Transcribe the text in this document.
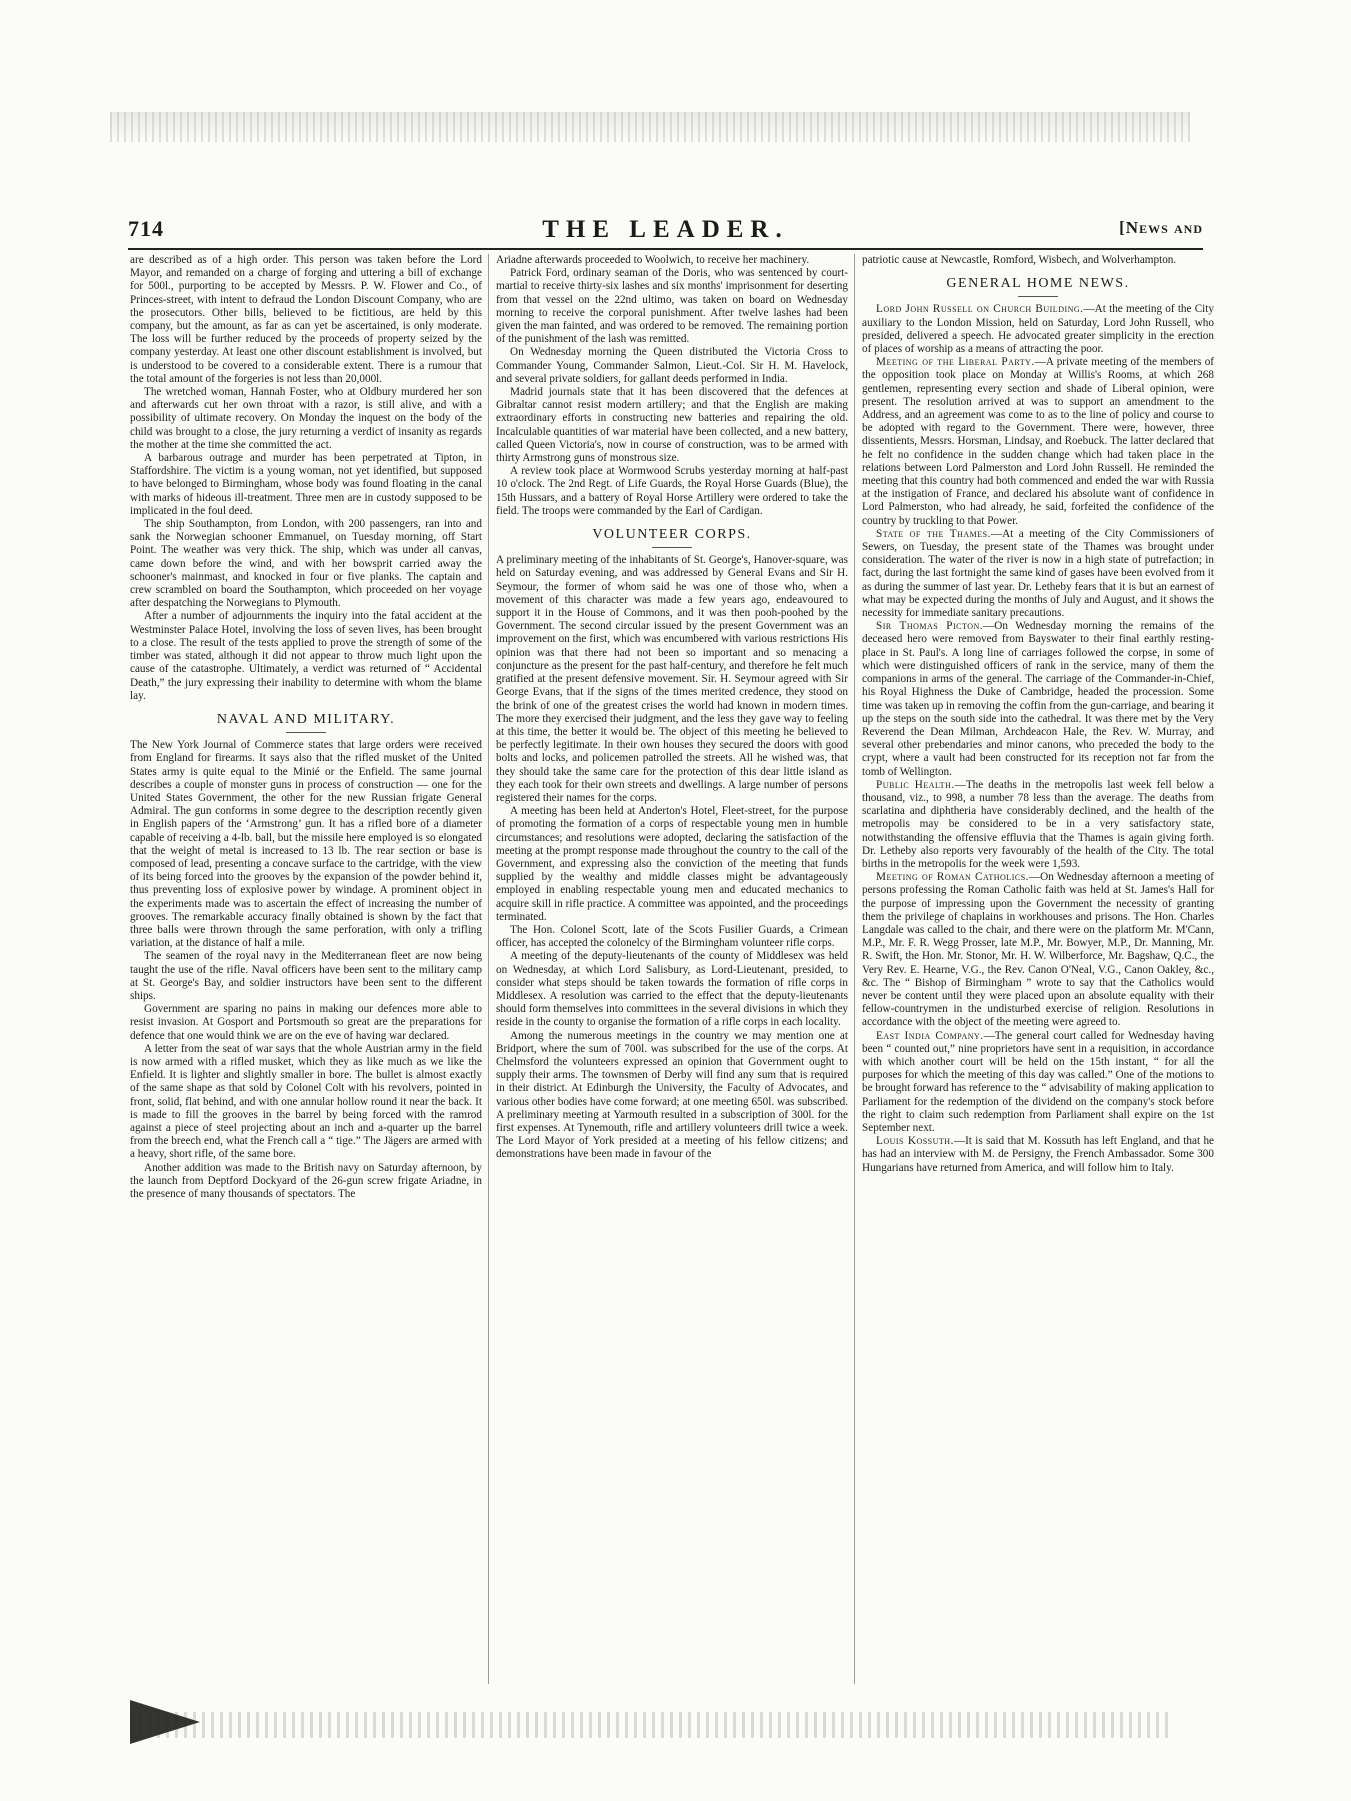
714	THE LEADER.	[News and

are described as of a high order. This person was taken before the Lord Mayor, and remanded on a charge of forging and uttering a bill of exchange for 500l., purporting to be accepted by Messrs. P. W. Flower and Co., of Princes-street, with intent to defraud the London Discount Company, who are the prosecutors. Other bills, believed to be fictitious, are held by this company, but the amount, as far as can yet be ascertained, is only moderate. The loss will be further reduced by the proceeds of property seized by the company yesterday. At least one other discount establishment is involved, but is understood to be covered to a considerable extent. There is a rumour that the total amount of the forgeries is not less than 20,000l.

The wretched woman, Hannah Foster, who at Oldbury murdered her son and afterwards cut her own throat with a razor, is still alive, and with a possibility of ultimate recovery. On Monday the inquest on the body of the child was brought to a close, the jury returning a verdict of insanity as regards the mother at the time she committed the act.

A barbarous outrage and murder has been perpetrated at Tipton, in Staffordshire. The victim is a young woman, not yet identified, but supposed to have belonged to Birmingham, whose body was found floating in the canal with marks of hideous ill-treatment. Three men are in custody supposed to be implicated in the foul deed.

The ship Southampton, from London, with 200 passengers, ran into and sank the Norwegian schooner Emmanuel, on Tuesday morning, off Start Point. The weather was very thick. The ship, which was under all canvas, came down before the wind, and with her bowsprit carried away the schooner's mainmast, and knocked in four or five planks. The captain and crew scrambled on board the Southampton, which proceeded on her voyage after despatching the Norwegians to Plymouth.

After a number of adjournments the inquiry into the fatal accident at the Westminster Palace Hotel, involving the loss of seven lives, has been brought to a close. The result of the tests applied to prove the strength of some of the timber was stated, although it did not appear to throw much light upon the cause of the catastrophe. Ultimately, a verdict was returned of “ Accidental Death,” the jury expressing their inability to determine with whom the blame lay.

NAVAL AND MILITARY.

The New York Journal of Commerce states that large orders were received from England for firearms. It says also that the rifled musket of the United States army is quite equal to the Minié or the Enfield. The same journal describes a couple of monster guns in process of construction — one for the United States Government, the other for the new Russian frigate General Admiral. The gun conforms in some degree to the description recently given in English papers of the ‘Armstrong’ gun. It has a rifled bore of a diameter capable of receiving a 4-lb. ball, but the missile here employed is so elongated that the weight of metal is increased to 13 lb. The rear section or base is composed of lead, presenting a concave surface to the cartridge, with the view of its being forced into the grooves by the expansion of the powder behind it, thus preventing loss of explosive power by windage. A prominent object in the experiments made was to ascertain the effect of increasing the number of grooves. The remarkable accuracy finally obtained is shown by the fact that three balls were thrown through the same perforation, with only a trifling variation, at the distance of half a mile.

The seamen of the royal navy in the Mediterranean fleet are now being taught the use of the rifle. Naval officers have been sent to the military camp at St. George's Bay, and soldier instructors have been sent to the different ships.

Government are sparing no pains in making our defences more able to resist invasion. At Gosport and Portsmouth so great are the preparations for defence that one would think we are on the eve of having war declared.

A letter from the seat of war says that the whole Austrian army in the field is now armed with a rifled musket, which they as like much as we like the Enfield. It is lighter and slightly smaller in bore. The bullet is almost exactly of the same shape as that sold by Colonel Colt with his revolvers, pointed in front, solid, flat behind, and with one annular hollow round it near the back. It is made to fill the grooves in the barrel by being forced with the ramrod against a piece of steel projecting about an inch and a-quarter up the barrel from the breech end, what the French call a “ tige.” The Jägers are armed with a heavy, short rifle, of the same bore.

Another addition was made to the British navy on Saturday afternoon, by the launch from Deptford Dockyard of the 26-gun screw frigate Ariadne, in the presence of many thousands of spectators. The

Ariadne afterwards proceeded to Woolwich, to receive her machinery.

Patrick Ford, ordinary seaman of the Doris, who was sentenced by court-martial to receive thirty-six lashes and six months' imprisonment for deserting from that vessel on the 22nd ultimo, was taken on board on Wednesday morning to receive the corporal punishment. After twelve lashes had been given the man fainted, and was ordered to be removed. The remaining portion of the punishment of the lash was remitted.

On Wednesday morning the Queen distributed the Victoria Cross to Commander Young, Commander Salmon, Lieut.-Col. Sir H. M. Havelock, and several private soldiers, for gallant deeds performed in India.

Madrid journals state that it has been discovered that the defences at Gibraltar cannot resist modern artillery; and that the English are making extraordinary efforts in constructing new batteries and repairing the old. Incalculable quantities of war material have been collected, and a new battery, called Queen Victoria's, now in course of construction, was to be armed with thirty Armstrong guns of monstrous size.

A review took place at Wormwood Scrubs yesterday morning at half-past 10 o'clock. The 2nd Regt. of Life Guards, the Royal Horse Guards (Blue), the 15th Hussars, and a battery of Royal Horse Artillery were ordered to take the field. The troops were commanded by the Earl of Cardigan.

VOLUNTEER CORPS.

A preliminary meeting of the inhabitants of St. George's, Hanover-square, was held on Saturday evening, and was addressed by General Evans and Sir H. Seymour, the former of whom said he was one of those who, when a movement of this character was made a few years ago, endeavoured to support it in the House of Commons, and it was then pooh-poohed by the Government. The second circular issued by the present Government was an improvement on the first, which was encumbered with various restrictions His opinion was that there had not been so important and so menacing a conjuncture as the present for the past half-century, and therefore he felt much gratified at the present defensive movement. Sir. H. Seymour agreed with Sir George Evans, that if the signs of the times merited credence, they stood on the brink of one of the greatest crises the world had known in modern times. The more they exercised their judgment, and the less they gave way to feeling at this time, the better it would be. The object of this meeting he believed to be perfectly legitimate. In their own houses they secured the doors with good bolts and locks, and policemen patrolled the streets. All he wished was, that they should take the same care for the protection of this dear little island as they each took for their own streets and dwellings. A large number of persons registered their names for the corps.

A meeting has been held at Anderton's Hotel, Fleet-street, for the purpose of promoting the formation of a corps of respectable young men in humble circumstances; and resolutions were adopted, declaring the satisfaction of the meeting at the prompt response made throughout the country to the call of the Government, and expressing also the conviction of the meeting that funds supplied by the wealthy and middle classes might be advantageously employed in enabling respectable young men and educated mechanics to acquire skill in rifle practice. A committee was appointed, and the proceedings terminated.

The Hon. Colonel Scott, late of the Scots Fusilier Guards, a Crimean officer, has accepted the colonelcy of the Birmingham volunteer rifle corps.

A meeting of the deputy-lieutenants of the county of Middlesex was held on Wednesday, at which Lord Salisbury, as Lord-Lieutenant, presided, to consider what steps should be taken towards the formation of rifle corps in Middlesex. A resolution was carried to the effect that the deputy-lieutenants should form themselves into committees in the several divisions in which they reside in the county to organise the formation of a rifle corps in each locality.

Among the numerous meetings in the country we may mention one at Bridport, where the sum of 700l. was subscribed for the use of the corps. At Chelmsford the volunteers expressed an opinion that Government ought to supply their arms. The townsmen of Derby will find any sum that is required in their district. At Edinburgh the University, the Faculty of Advocates, and various other bodies have come forward; at one meeting 650l. was subscribed. A preliminary meeting at Yarmouth resulted in a subscription of 300l. for the first expenses. At Tynemouth, rifle and artillery volunteers drill twice a week. The Lord Mayor of York presided at a meeting of his fellow citizens; and demonstrations have been made in favour of the

patriotic cause at Newcastle, Romford, Wisbech, and Wolverhampton.

GENERAL HOME NEWS.

Lord John Russell on Church Building.—At the meeting of the City auxiliary to the London Mission, held on Saturday, Lord John Russell, who presided, delivered a speech. He advocated greater simplicity in the erection of places of worship as a means of attracting the poor.

Meeting of the Liberal Party.—A private meeting of the members of the opposition took place on Monday at Willis's Rooms, at which 268 gentlemen, representing every section and shade of Liberal opinion, were present. The resolution arrived at was to support an amendment to the Address, and an agreement was come to as to the line of policy and course to be adopted with regard to the Government. There were, however, three dissentients, Messrs. Horsman, Lindsay, and Roebuck. The latter declared that he felt no confidence in the sudden change which had taken place in the relations between Lord Palmerston and Lord John Russell. He reminded the meeting that this country had both commenced and ended the war with Russia at the instigation of France, and declared his absolute want of confidence in Lord Palmerston, who had already, he said, forfeited the confidence of the country by truckling to that Power.

State of the Thames.—At a meeting of the City Commissioners of Sewers, on Tuesday, the present state of the Thames was brought under consideration. The water of the river is now in a high state of putrefaction; in fact, during the last fortnight the same kind of gases have been evolved from it as during the summer of last year. Dr. Letheby fears that it is but an earnest of what may be expected during the months of July and August, and it shows the necessity for immediate sanitary precautions.

Sir Thomas Picton.—On Wednesday morning the remains of the deceased hero were removed from Bayswater to their final earthly resting-place in St. Paul's. A long line of carriages followed the corpse, in some of which were distinguished officers of rank in the service, many of them the companions in arms of the general. The carriage of the Commander-in-Chief, his Royal Highness the Duke of Cambridge, headed the procession. Some time was taken up in removing the coffin from the gun-carriage, and bearing it up the steps on the south side into the cathedral. It was there met by the Very Reverend the Dean Milman, Archdeacon Hale, the Rev. W. Murray, and several other prebendaries and minor canons, who preceded the body to the crypt, where a vault had been constructed for its reception not far from the tomb of Wellington.

Public Health.—The deaths in the metropolis last week fell below a thousand, viz., to 998, a number 78 less than the average. The deaths from scarlatina and diphtheria have considerably declined, and the health of the metropolis may be considered to be in a very satisfactory state, notwithstanding the offensive effluvia that the Thames is again giving forth. Dr. Letheby also reports very favourably of the health of the City. The total births in the metropolis for the week were 1,593.

Meeting of Roman Catholics.—On Wednesday afternoon a meeting of persons professing the Roman Catholic faith was held at St. James's Hall for the purpose of impressing upon the Government the necessity of granting them the privilege of chaplains in workhouses and prisons. The Hon. Charles Langdale was called to the chair, and there were on the platform Mr. M'Cann, M.P., Mr. F. R. Wegg Prosser, late M.P., Mr. Bowyer, M.P., Dr. Manning, Mr. R. Swift, the Hon. Mr. Stonor, Mr. H. W. Wilberforce, Mr. Bagshaw, Q.C., the Very Rev. E. Hearne, V.G., the Rev. Canon O'Neal, V.G., Canon Oakley, &c., &c. The “ Bishop of Birmingham ” wrote to say that the Catholics would never be content until they were placed upon an absolute equality with their fellow-countrymen in the undisturbed exercise of religion. Resolutions in accordance with the object of the meeting were agreed to.

East India Company.—The general court called for Wednesday having been “ counted out,” nine proprietors have sent in a requisition, in accordance with which another court will be held on the 15th instant, “ for all the purposes for which the meeting of this day was called.” One of the motions to be brought forward has reference to the “ advisability of making application to Parliament for the redemption of the dividend on the company's stock before the right to claim such redemption from Parliament shall expire on the 1st September next.

Louis Kossuth.—It is said that M. Kossuth has left England, and that he has had an interview with M. de Persigny, the French Ambassador. Some 300 Hungarians have returned from America, and will follow him to Italy.
